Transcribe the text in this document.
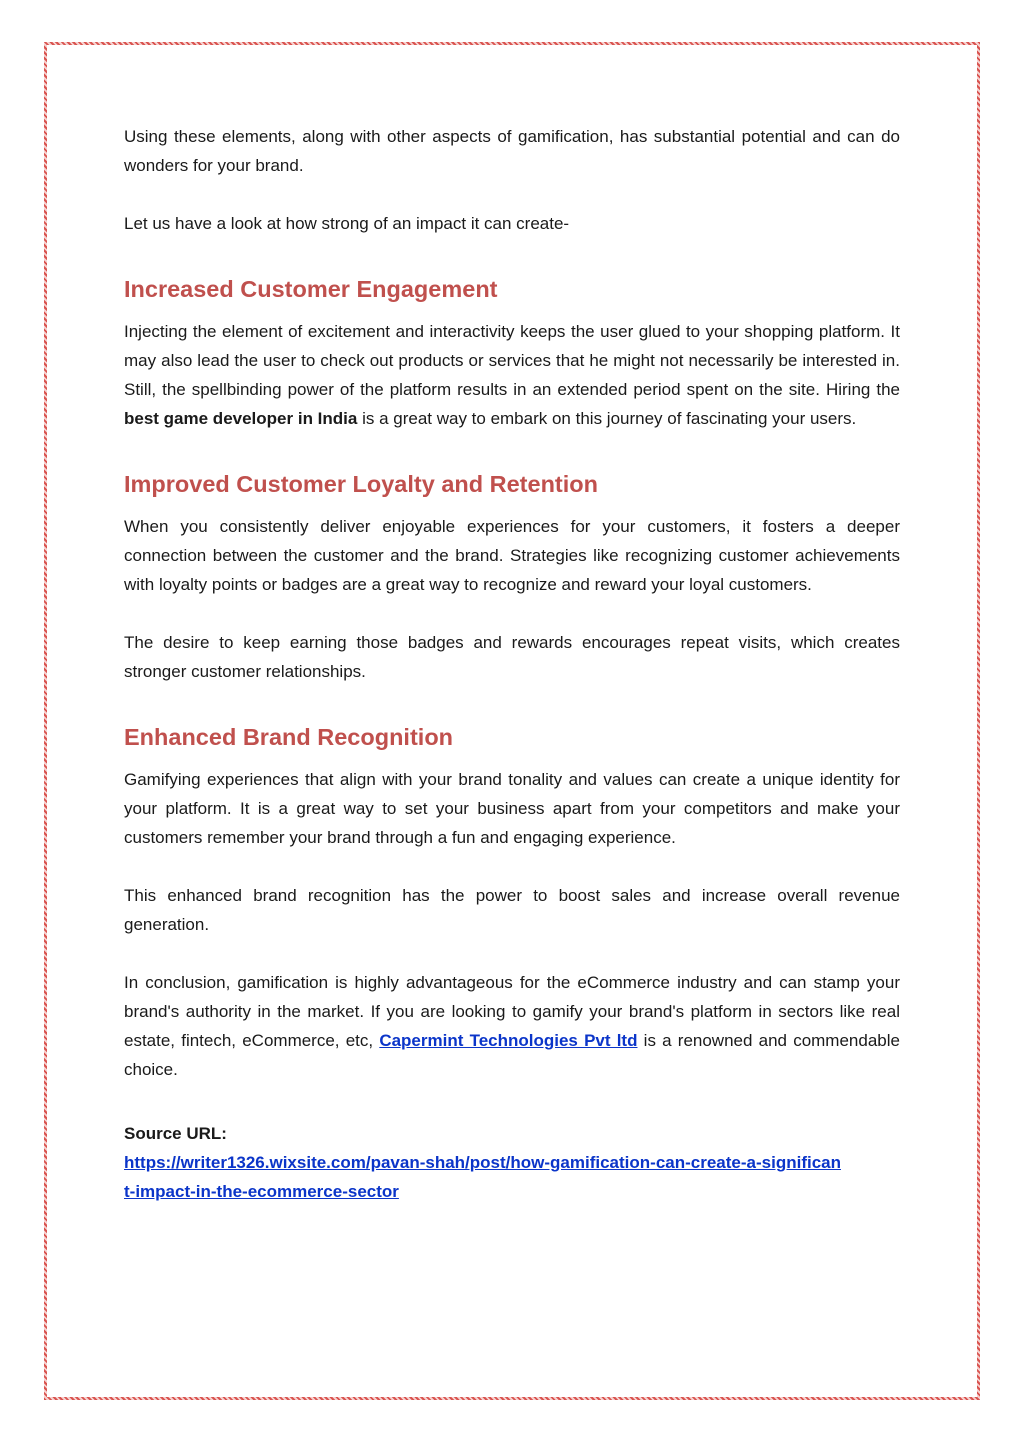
Using these elements, along with other aspects of gamification, has substantial potential and can do wonders for your brand.

Let us have a look at how strong of an impact it can create-

Increased Customer Engagement

Injecting the element of excitement and interactivity keeps the user glued to your shopping platform. It may also lead the user to check out products or services that he might not necessarily be interested in. Still, the spellbinding power of the platform results in an extended period spent on the site. Hiring the best game developer in India is a great way to embark on this journey of fascinating your users.

Improved Customer Loyalty and Retention

When you consistently deliver enjoyable experiences for your customers, it fosters a deeper connection between the customer and the brand. Strategies like recognizing customer achievements with loyalty points or badges are a great way to recognize and reward your loyal customers.

The desire to keep earning those badges and rewards encourages repeat visits, which creates stronger customer relationships.

Enhanced Brand Recognition

Gamifying experiences that align with your brand tonality and values can create a unique identity for your platform. It is a great way to set your business apart from your competitors and make your customers remember your brand through a fun and engaging experience.

This enhanced brand recognition has the power to boost sales and increase overall revenue generation.

In conclusion, gamification is highly advantageous for the eCommerce industry and can stamp your brand's authority in the market. If you are looking to gamify your brand's platform in sectors like real estate, fintech, eCommerce, etc, Capermint Technologies Pvt ltd is a renowned and commendable choice.

Source URL:
https://writer1326.wixsite.com/pavan-shah/post/how-gamification-can-create-a-significant-impact-in-the-ecommerce-sector
